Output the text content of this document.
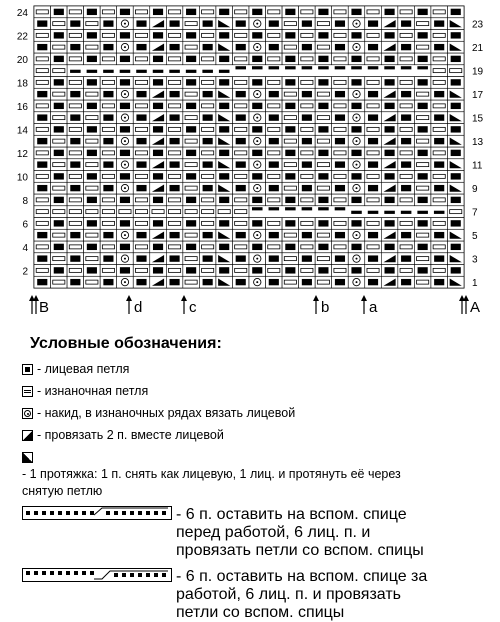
24
22
20
18
16
14
12
10
8
6
4
2
23
21
19
17
15
13
11
9
7
5
3
1
B	d	c	b	a	A
Условные обозначения:
- лицевая петля
- изнаночная петля
- накид, в изнаночных рядах вязать лицевой
- провязать 2 п. вместе лицевой
- 1 протяжка: 1 п. снять как лицевую, 1 лиц. и протянуть её через снятую петлю
- 6 п. оставить на вспом. спице перед работой, 6 лиц. п. и провязать петли со вспом. спицы
- 6 п. оставить на вспом. спице за работой, 6 лиц. п. и провязать петли со вспом. спицы
